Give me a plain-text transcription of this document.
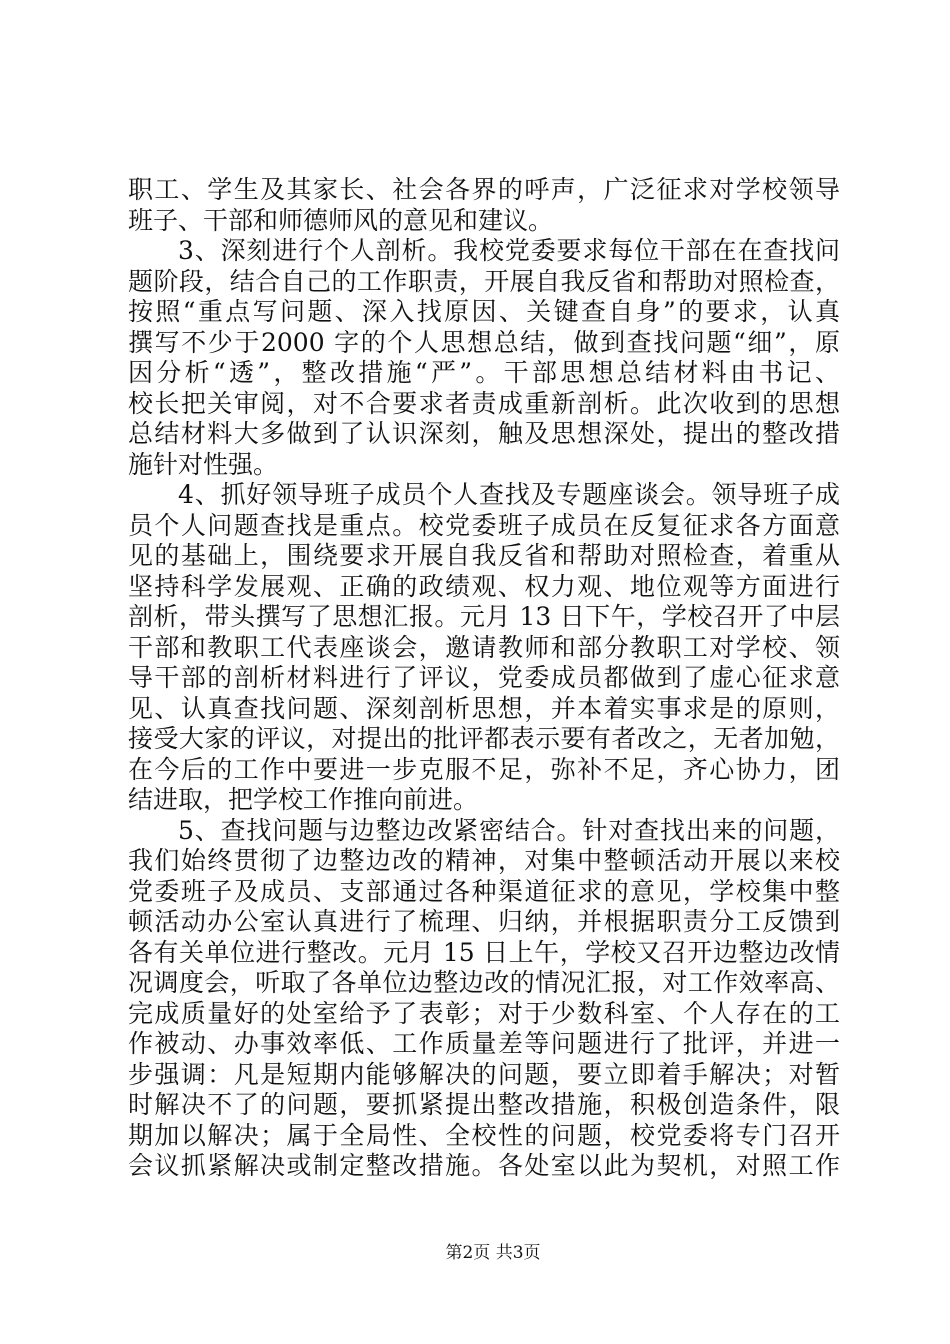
职工、学生及其家长、社会各界的呼声，广泛征求对学校领导
班子、干部和师德师风的意见和建议。
3、深刻进行个人剖析。我校党委要求每位干部在在查找问
题阶段，结合自己的工作职责，开展自我反省和帮助对照检查，
按照“重点写问题、深入找原因、关键查自身”的要求，认真
撰写不少于2000 字的个人思想总结，做到查找问题“细”，原
因分析“透”，整改措施“严”。干部思想总结材料由书记、
校长把关审阅，对不合要求者责成重新剖析。此次收到的思想
总结材料大多做到了认识深刻，触及思想深处，提出的整改措
施针对性强。
4、抓好领导班子成员个人查找及专题座谈会。领导班子成
员个人问题查找是重点。校党委班子成员在反复征求各方面意
见的基础上，围绕要求开展自我反省和帮助对照检查，着重从
坚持科学发展观、正确的政绩观、权力观、地位观等方面进行
剖析，带头撰写了思想汇报。元月 13 日下午，学校召开了中层
干部和教职工代表座谈会，邀请教师和部分教职工对学校、领
导干部的剖析材料进行了评议，党委成员都做到了虚心征求意
见、认真查找问题、深刻剖析思想，并本着实事求是的原则，
接受大家的评议，对提出的批评都表示要有者改之，无者加勉，
在今后的工作中要进一步克服不足，弥补不足，齐心协力，团
结进取，把学校工作推向前进。
5、查找问题与边整边改紧密结合。针对查找出来的问题，
我们始终贯彻了边整边改的精神，对集中整顿活动开展以来校
党委班子及成员、支部通过各种渠道征求的意见，学校集中整
顿活动办公室认真进行了梳理、归纳，并根据职责分工反馈到
各有关单位进行整改。元月 15 日上午，学校又召开边整边改情
况调度会，听取了各单位边整边改的情况汇报，对工作效率高、
完成质量好的处室给予了表彰；对于少数科室、个人存在的工
作被动、办事效率低、工作质量差等问题进行了批评，并进一
步强调：凡是短期内能够解决的问题，要立即着手解决；对暂
时解决不了的问题，要抓紧提出整改措施，积极创造条件，限
期加以解决；属于全局性、全校性的问题，校党委将专门召开
会议抓紧解决或制定整改措施。各处室以此为契机，对照工作
第2页 共3页
